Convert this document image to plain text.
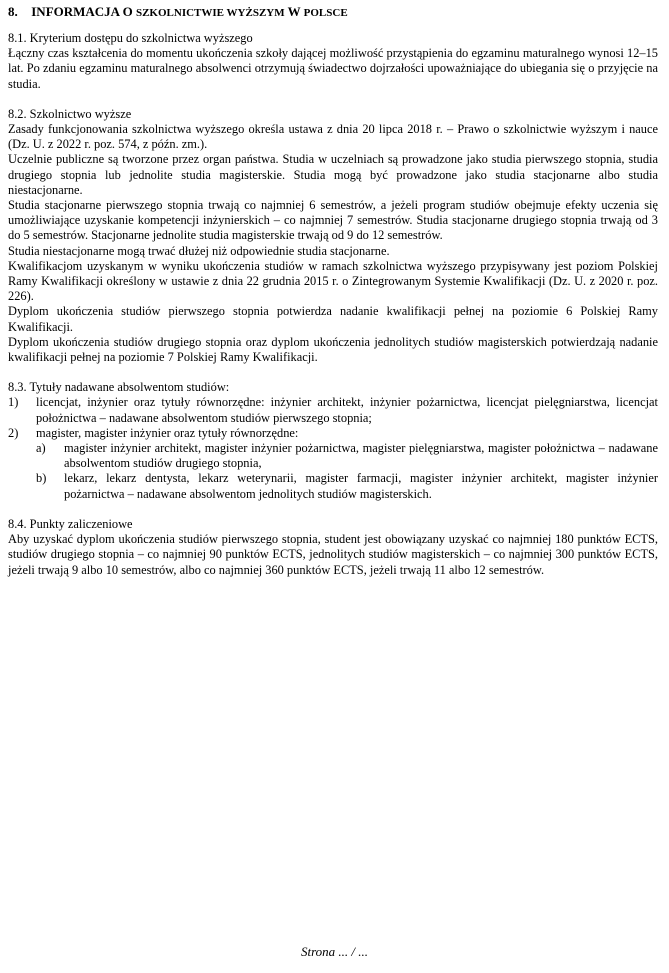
8. INFORMACJA O SZKOLNICTWIE WYŻSZYM W POLSCE

8.1. Kryterium dostępu do szkolnictwa wyższego

Łączny czas kształcenia do momentu ukończenia szkoły dającej możliwość przystąpienia do egzaminu maturalnego wynosi 12–15 lat. Po zdaniu egzaminu maturalnego absolwenci otrzymują świadectwo dojrzałości upoważniające do ubiegania się o przyjęcie na studia.

8.2. Szkolnictwo wyższe

Zasady funkcjonowania szkolnictwa wyższego określa ustawa z dnia 20 lipca 2018 r. – Prawo o szkolnictwie wyższym i nauce (Dz. U. z 2022 r. poz. 574, z późn. zm.).

Uczelnie publiczne są tworzone przez organ państwa. Studia w uczelniach są prowadzone jako studia pierwszego stopnia, studia drugiego stopnia lub jednolite studia magisterskie. Studia mogą być prowadzone jako studia stacjonarne albo studia niestacjonarne.

Studia stacjonarne pierwszego stopnia trwają co najmniej 6 semestrów, a jeżeli program studiów obejmuje efekty uczenia się umożliwiające uzyskanie kompetencji inżynierskich – co najmniej 7 semestrów. Studia stacjonarne drugiego stopnia trwają od 3 do 5 semestrów. Stacjonarne jednolite studia magisterskie trwają od 9 do 12 semestrów.

Studia niestacjonarne mogą trwać dłużej niż odpowiednie studia stacjonarne.

Kwalifikacjom uzyskanym w wyniku ukończenia studiów w ramach szkolnictwa wyższego przypisywany jest poziom Polskiej Ramy Kwalifikacji określony w ustawie z dnia 22 grudnia 2015 r. o Zintegrowanym Systemie Kwalifikacji (Dz. U. z 2020 r. poz. 226).

Dyplom ukończenia studiów pierwszego stopnia potwierdza nadanie kwalifikacji pełnej na poziomie 6 Polskiej Ramy Kwalifikacji.

Dyplom ukończenia studiów drugiego stopnia oraz dyplom ukończenia jednolitych studiów magisterskich potwierdzają nadanie kwalifikacji pełnej na poziomie 7 Polskiej Ramy Kwalifikacji.

8.3. Tytuły nadawane absolwentom studiów:

1) licencjat, inżynier oraz tytuły równorzędne: inżynier architekt, inżynier pożarnictwa, licencjat pielęgniarstwa, licencjat położnictwa – nadawane absolwentom studiów pierwszego stopnia;
2) magister, magister inżynier oraz tytuły równorzędne:
a) magister inżynier architekt, magister inżynier pożarnictwa, magister pielęgniarstwa, magister położnictwa – nadawane absolwentom studiów drugiego stopnia,
b) lekarz, lekarz dentysta, lekarz weterynarii, magister farmacji, magister inżynier architekt, magister inżynier pożarnictwa – nadawane absolwentom jednolitych studiów magisterskich.

8.4. Punkty zaliczeniowe

Aby uzyskać dyplom ukończenia studiów pierwszego stopnia, student jest obowiązany uzyskać co najmniej 180 punktów ECTS, studiów drugiego stopnia – co najmniej 90 punktów ECTS, jednolitych studiów magisterskich – co najmniej 300 punktów ECTS, jeżeli trwają 9 albo 10 semestrów, albo co najmniej 360 punktów ECTS, jeżeli trwają 11 albo 12 semestrów.

Strona ... / ...
